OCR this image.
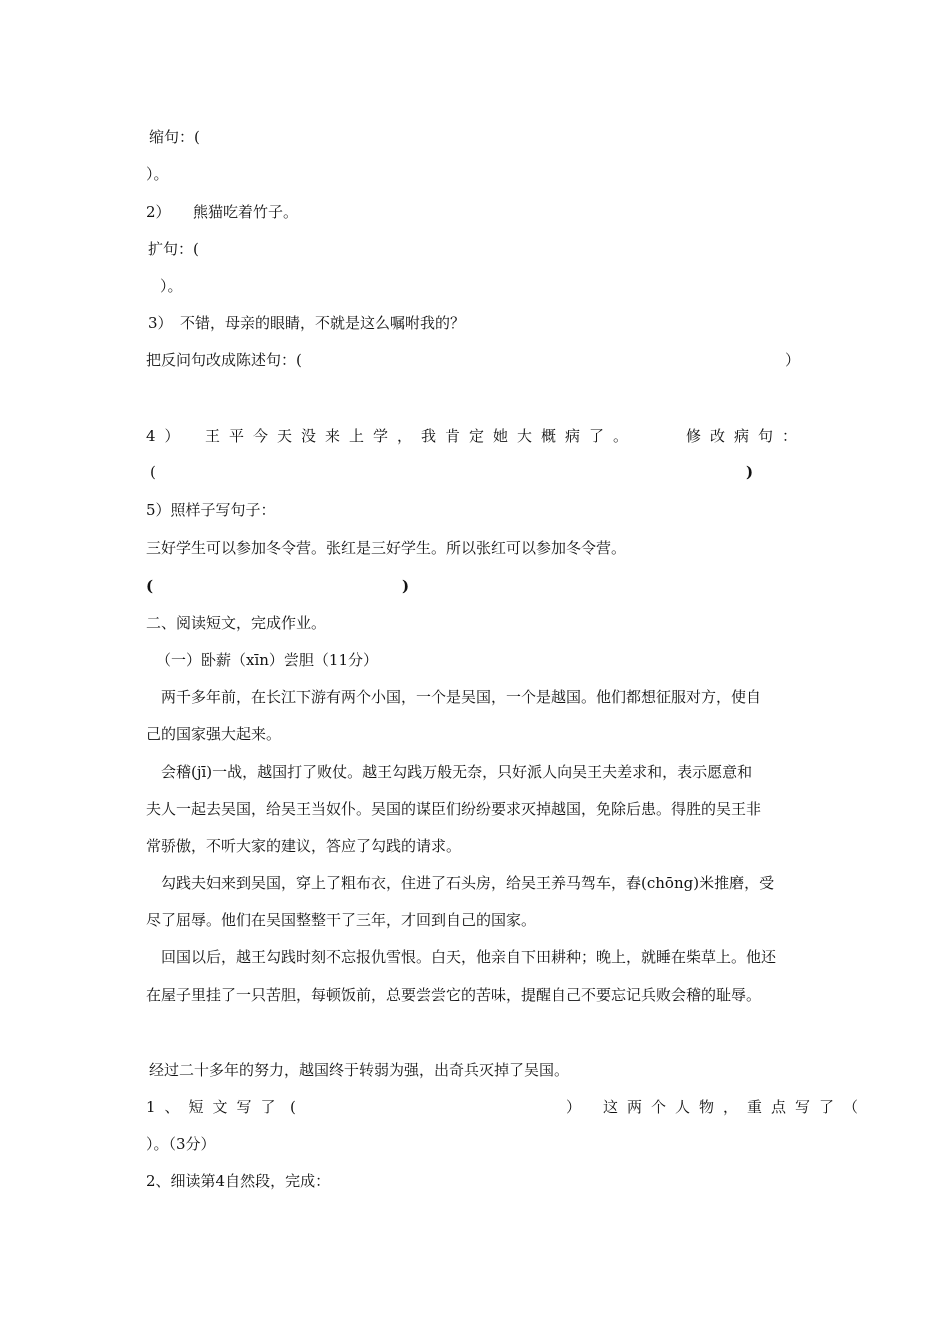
缩句：(
）。
2）　　熊猫吃着竹子。
扩句：(
）。
3）　不错，母亲的眼睛，不就是这么嘱咐我的？
把反问句改成陈述句：(	）
4）　王平今天没来上学，我肯定她大概病了。	修改病句：
(	)
5）照样子写句子：
三好学生可以参加冬令营。张红是三好学生。所以张红可以参加冬令营。
(	)
二、阅读短文，完成作业。
（一）卧薪（xīn）尝胆（11分）
两千多年前，在长江下游有两个小国，一个是吴国，一个是越国。他们都想征服对方，使自
己的国家强大起来。
会稽(jī)一战，越国打了败仗。越王勾践万般无奈，只好派人向吴王夫差求和，表示愿意和
夫人一起去吴国，给吴王当奴仆。吴国的谋臣们纷纷要求灭掉越国，免除后患。得胜的吴王非
常骄傲，不听大家的建议，答应了勾践的请求。
勾践夫妇来到吴国，穿上了粗布衣，住进了石头房，给吴王养马驾车，舂(chōng)米推磨，受
尽了屈辱。他们在吴国整整干了三年，才回到自己的国家。
回国以后，越王勾践时刻不忘报仇雪恨。白天，他亲自下田耕种；晚上，就睡在柴草上。他还
在屋子里挂了一只苦胆，每顿饭前，总要尝尝它的苦味，提醒自己不要忘记兵败会稽的耻辱。
经过二十多年的努力，越国终于转弱为强，出奇兵灭掉了吴国。
1、短文写了 (	） 这两个人物，重点写了（
）。（3分）
2、细读第4自然段，完成：
